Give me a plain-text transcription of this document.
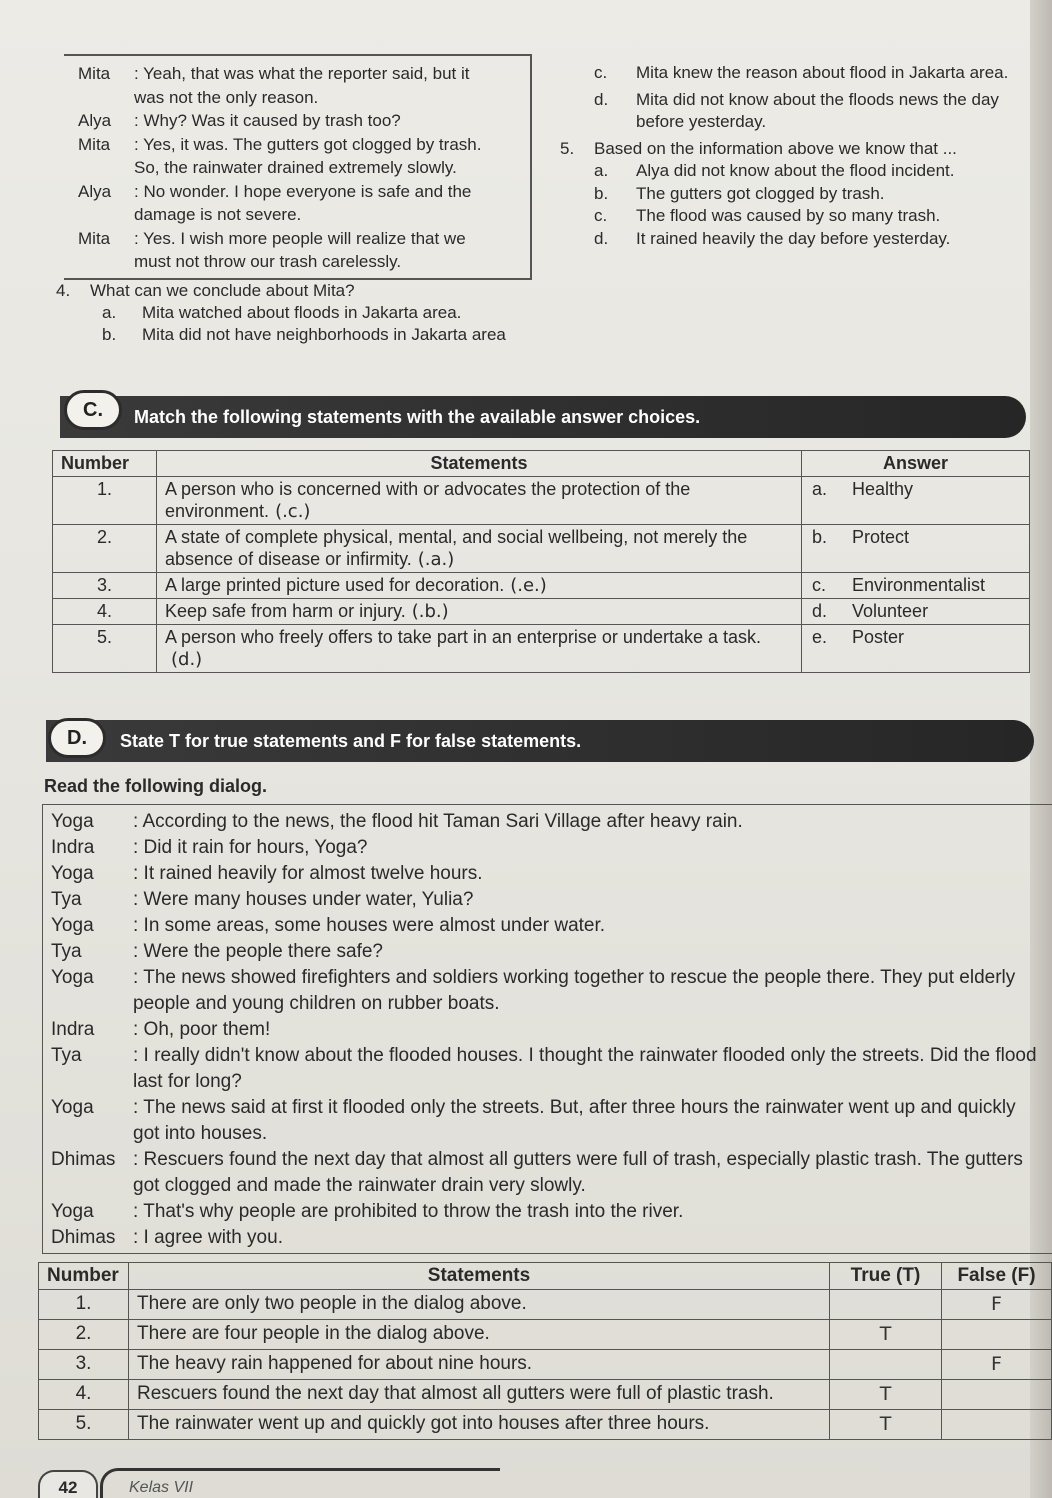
Mita	: Yeah, that was what the reporter said, but it
was not the only reason.
Alya	: Why? Was it caused by trash too?
Mita	: Yes, it was. The gutters got clogged by trash.
So, the rainwater drained extremely slowly.
Alya	: No wonder. I hope everyone is safe and the
damage is not severe.
Mita	: Yes. I wish more people will realize that we
must not throw our trash carelessly.
4.	What can we conclude about Mita?
a.	Mita watched about floods in Jakarta area.
b.	Mita did not have neighborhoods in Jakarta area
c.	Mita knew the reason about flood in Jakarta area.
d.	Mita did not know about the floods news the day before yesterday.
5.	Based on the information above we know that ...
a.	Alya did not know about the flood incident.
b.	The gutters got clogged by trash.
c.	The flood was caused by so many trash.
d.	It rained heavily the day before yesterday.
Match the following statements with the available answer choices.
C.
Number	Statements	Answer
1.	A person who is concerned with or advocates the protection of the environment. (.c.)	a. Healthy
2.	A state of complete physical, mental, and social wellbeing, not merely the absence of disease or infirmity. (.a.)	b. Protect
3.	A large printed picture used for decoration. (.e.)	c. Environmentalist
4.	Keep safe from harm or injury. (.b.)	d. Volunteer
5.	A person who freely offers to take part in an enterprise or undertake a task.(d.)	e. Poster
State T for true statements and F for false statements.
D.
Read the following dialog.
Yoga	: According to the news, the flood hit Taman Sari Village after heavy rain.
Indra	: Did it rain for hours, Yoga?
Yoga	: It rained heavily for almost twelve hours.
Tya	: Were many houses under water, Yulia?
Yoga	: In some areas, some houses were almost under water.
Tya	: Were the people there safe?
Yoga	: The news showed firefighters and soldiers working together to rescue the people there. They put elderly people and young children on rubber boats.
Indra	: Oh, poor them!
Tya	: I really didn't know about the flooded houses. I thought the rainwater flooded only the streets. Did the flood last for long?
Yoga	: The news said at first it flooded only the streets. But, after three hours the rainwater went up and quickly got into houses.
Dhimas : Rescuers found the next day that almost all gutters were full of trash, especially plastic trash. The gutters got clogged and made the rainwater drain very slowly.
Yoga	: That's why people are prohibited to throw the trash into the river.
Dhimas : I agree with you.
Number	Statements	True (T)	False (F)
1.	There are only two people in the dialog above.		F
2.	There are four people in the dialog above.	T	
3.	The heavy rain happened for about nine hours.		F
4.	Rescuers found the next day that almost all gutters were full of plastic trash.	T	
5.	The rainwater went up and quickly got into houses after three hours.	T	
42	Kelas VII
